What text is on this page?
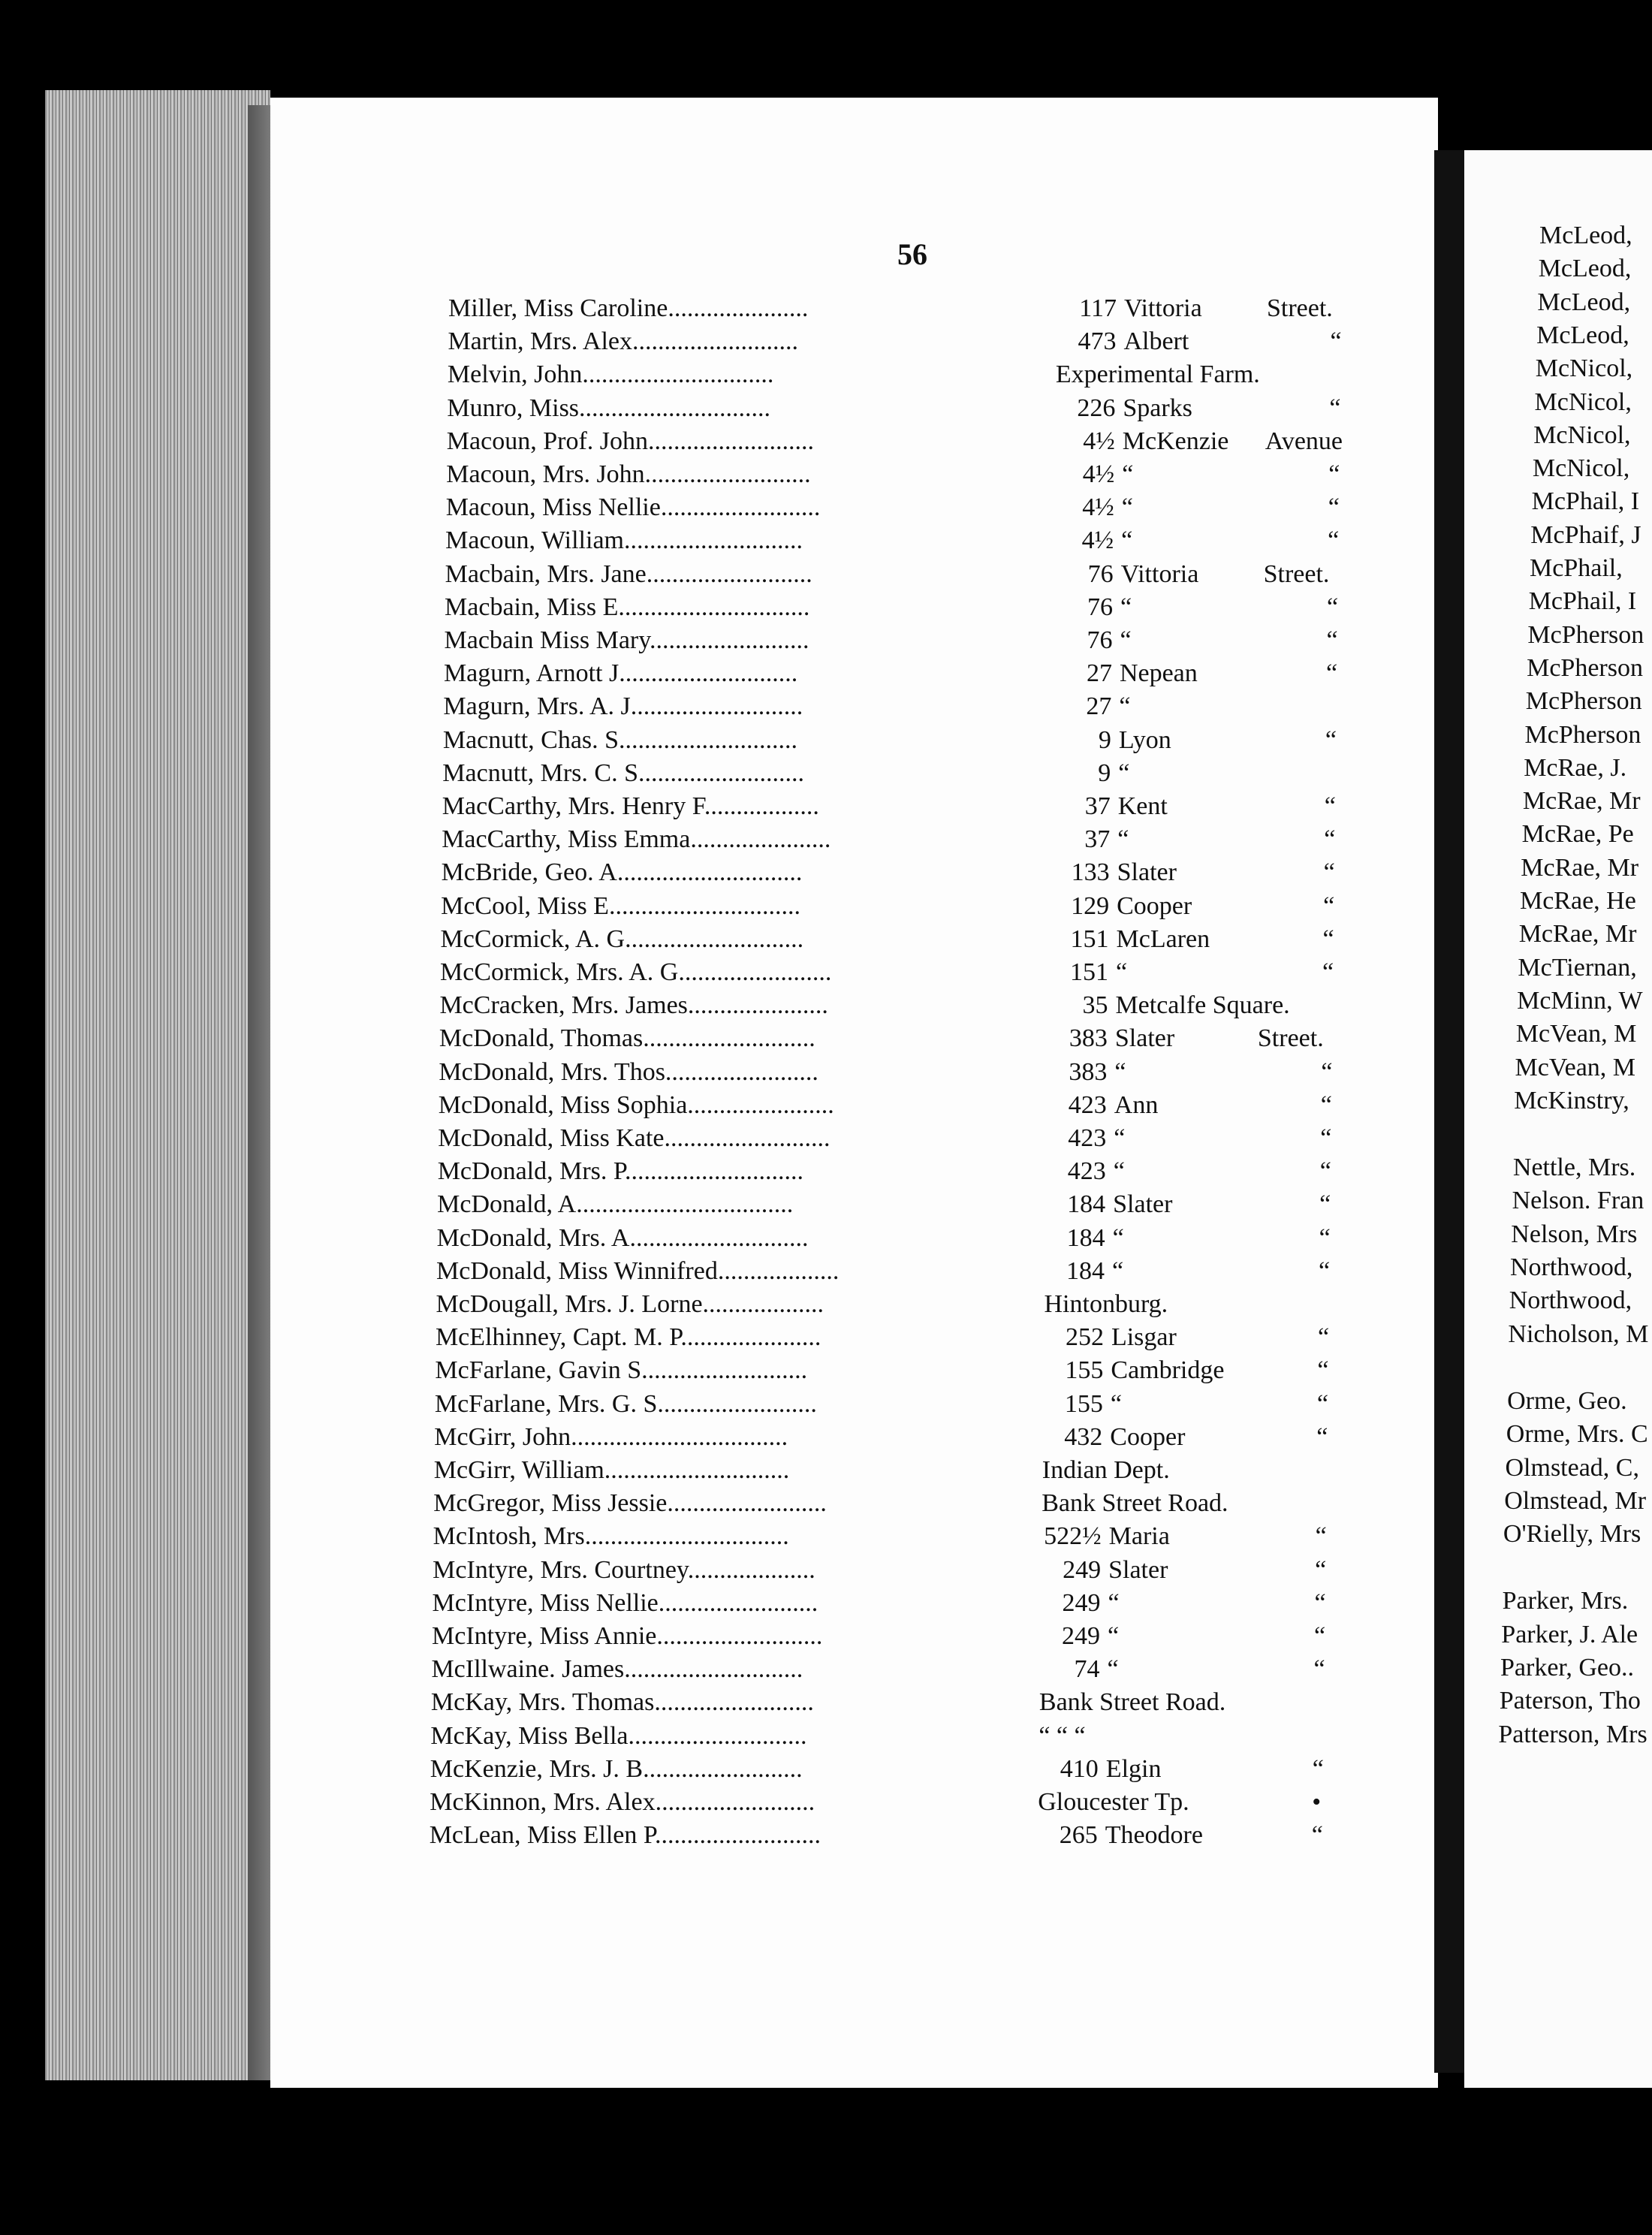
McLeod,
McLeod,
McLeod,
McLeod,
McNicol,
McNicol,
McNicol,
McNicol,
McPhail, I
McPhaif, J
McPhail,
McPhail, I
McPherson
McPherson
McPherson
McPherson
McRae, J.
McRae, Mr
McRae, Pe
McRae, Mr
McRae, He
McRae, Mr
McTiernan,
McMinn, W
McVean, M
McVean, M
McKinstry,
Nettle, Mrs.
Nelson. Fran
Nelson, Mrs
Northwood,
Northwood,
Nicholson, M
Orme, Geo.
Orme, Mrs. C
Olmstead, C,
Olmstead, Mr
O'Rielly, Mrs
Parker, Mrs.
Parker, J. Ale
Parker, Geo..
Paterson, Tho
Patterson, Mrs
56
Miller, Miss Caroline......................	117 Vittoria	Street.
Martin, Mrs. Alex..........................	473 Albert	“
Melvin, John..............................	Experimental Farm.
Munro, Miss..............................	226 Sparks	“
Macoun, Prof. John..........................	4½ McKenzie Avenue
Macoun, Mrs. John..........................	4½ “	“
Macoun, Miss Nellie.........................	4½ “	“
Macoun, William............................	4½ “	“
Macbain, Mrs. Jane..........................	76 Vittoria	Street.
Macbain, Miss E..............................	76 “	“
Macbain Miss Mary.........................	76 “	“
Magurn, Arnott J............................	27 Nepean	“
Magurn, Mrs. A. J...........................	27 “
Macnutt, Chas. S............................	9 Lyon	“
Macnutt, Mrs. C. S..........................	9 “
MacCarthy, Mrs. Henry F..................	37 Kent	“
MacCarthy, Miss Emma......................	37 “	“
McBride, Geo. A.............................	133 Slater	“
McCool, Miss E..............................	129 Cooper	“
McCormick, A. G............................	151 McLaren	“
McCormick, Mrs. A. G........................	151 “	“
McCracken, Mrs. James......................	35 Metcalfe Square.
McDonald, Thomas...........................	383 Slater	Street.
McDonald, Mrs. Thos........................	383 “	“
McDonald, Miss Sophia.......................	423 Ann	“
McDonald, Miss Kate..........................	423 “	“
McDonald, Mrs. P............................	423 “	“
McDonald, A..................................	184 Slater	“
McDonald, Mrs. A............................	184 “	“
McDonald, Miss Winnifred...................	184 “	“
McDougall, Mrs. J. Lorne...................	Hintonburg.
McElhinney, Capt. M. P......................	252 Lisgar	“
McFarlane, Gavin S..........................	155 Cambridge	“
McFarlane, Mrs. G. S.........................	155 “	“
McGirr, John..................................	432 Cooper	“
McGirr, William.............................	Indian Dept.
McGregor, Miss Jessie.........................	Bank Street Road.
McIntosh, Mrs................................	522½ Maria	“
McIntyre, Mrs. Courtney....................	249 Slater	“
McIntyre, Miss Nellie.........................	249 “	“
McIntyre, Miss Annie..........................	249 “	“
McIllwaine. James............................	74 “	“
McKay, Mrs. Thomas.........................	Bank Street Road.
McKay, Miss Bella............................	“ “ “
McKenzie, Mrs. J. B.........................	410 Elgin	“
McKinnon, Mrs. Alex.........................	Gloucester Tp.	•
McLean, Miss Ellen P..........................	265 Theodore	“
